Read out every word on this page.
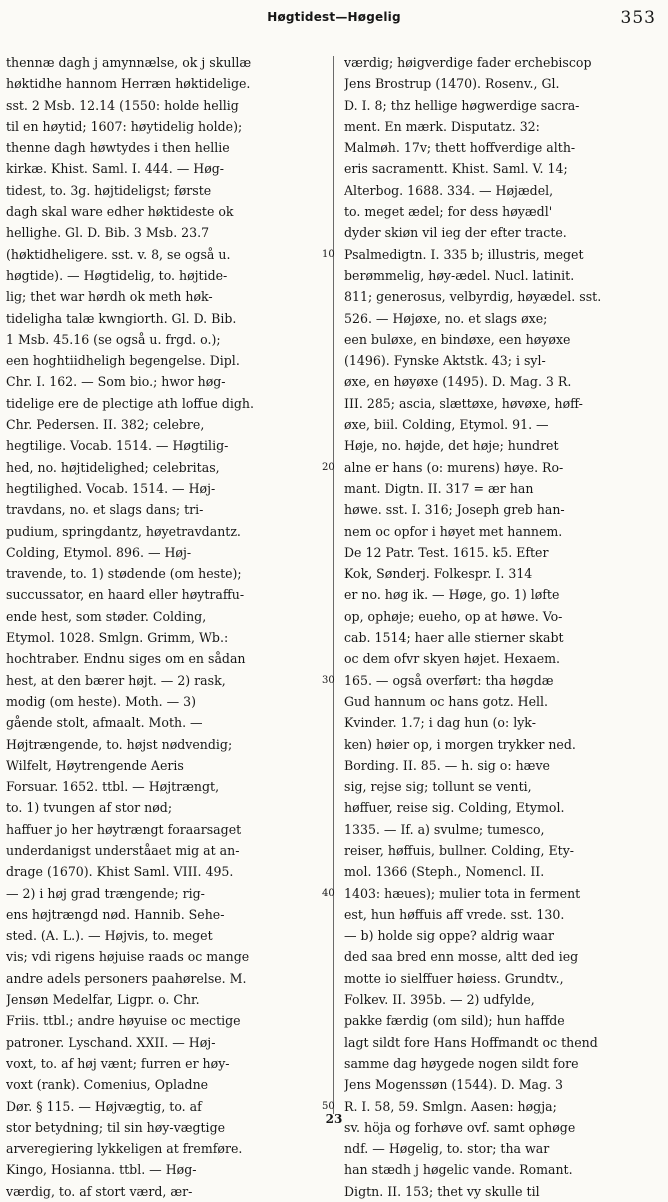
Høgtidest—Høgelig	353
thennæ dagh j amynnælse, ok j skullæ
høktidhe hannom Herræn høktidelige.
sst. 2 Msb. 12.14 (1550: holde hellig
til en høytid; 1607: høytidelig holde);
thenne dagh høwtydes i then hellie
kirkæ. Khist. Saml. I. 444. — Høg-
tidest, to. 3g. højtideligst; første
dagh skal ware edher høktideste ok
hellighe. Gl. D. Bib. 3 Msb. 23.7
(høktidheligere. sst. v. 8, se også u.
høgtide). — Høgtidelig, to. højtide-
lig; thet war hørdh ok meth høk-
tideligha talæ kwngiorth. Gl. D. Bib.
1 Msb. 45.16 (se også u. frgd. o.);
een hoghtiidheligh begengelse. Dipl.
Chr. I. 162. — Som bio.; hwor høg-
tidelige ere de plectige ath loffue digh.
Chr. Pedersen. II. 382; celebre,
hegtilige. Vocab. 1514. — Høgtilig-
hed, no. højtidelighed; celebritas,
hegtilighed. Vocab. 1514. — Høj-
travdans, no. et slags dans; tri-
pudium, springdantz, høyetravdantz.
Colding, Etymol. 896. — Høj-
travende, to. 1) stødende (om heste);
succussator, en haard eller høytraffu-
ende hest, som støder. Colding,
Etymol. 1028. Smlgn. Grimm, Wb.:
hochtraber. Endnu siges om en sådan
hest, at den bærer højt. — 2) rask,
modig (om heste). Moth. — 3)
gående stolt, afmaalt. Moth. —
Højtrængende, to. højst nødvendig;
Wilfelt, Høytrengende Aeris
Forsuar. 1652. ttbl. — Højtrængt,
to. 1) tvungen af stor nød;
haffuer jo her høytrængt foraarsaget
underdanigst underståaet mig at an-
drage (1670). Khist Saml. VIII. 495.
— 2) i høj grad trængende; rig-
ens højtrængd nød. Hannib. Sehe-
sted. (A. L.). — Højvis, to. meget
vis; vdi rigens højuise raads oc mange
andre adels personers paahørelse. M.
Jensøn Medelfar, Ligpr. o. Chr.
Friis. ttbl.; andre høyuise oc mectige
patroner. Lyschand. XXII. — Høj-
voxt, to. af høj vænt; furren er høy-
voxt (rank). Comenius, Opladne
Dør. § 115. — Højvægtig, to. af
stor betydning; til sin høy-vægtige
arveregiering lykkeligen at fremføre.
Kingo, Hosianna. ttbl. — Høg-
værdig, to. af stort værd, ær-
værdig; høigverdige fader erchebiscop
Jens Brostrup (1470). Rosenv., Gl.
D. I. 8; thz hellige høgwerdige sacra-
ment. En mærk. Disputatz. 32:
Malmøh. 17v; thett hoffverdige alth-
eris sacramentt. Khist. Saml. V. 14;
Alterbog. 1688. 334. — Højædel,
to. meget ædel; for dess høyædl'
dyder skiøn vil ieg der efter tracte.
Psalmedigtn. I. 335 b; illustris, meget
berømmelig, høy-ædel. Nucl. latinit.
811; generosus, velbyrdig, høyædel. sst.
526. — Højøxe, no. et slags øxe;
een buløxe, en bindøxe, een høyøxe
(1496). Fynske Aktstk. 43; i syl-
øxe, en høyøxe (1495). D. Mag. 3 R.
III. 285; ascia, slættøxe, høvøxe, høff-
øxe, biil. Colding, Etymol. 91. —
Høje, no. højde, det høje; hundret
alne er hans (o: murens) høye. Ro-
mant. Digtn. II. 317 = ær han
høwe. sst. I. 316; Joseph greb han-
nem oc opfor i høyet met hannem.
De 12 Patr. Test. 1615. k5. Efter
Kok, Sønderj. Folkespr. I. 314
er no. høg ik. — Høge, go. 1) løfte
op, ophøje; eueho, op at høwe. Vo-
cab. 1514; haer alle stierner skabt
oc dem ofvr skyen højet. Hexaem.
165. — også overført: tha høgdæ
Gud hannum oc hans gotz. Hell.
Kvinder. 1.7; i dag hun (o: lyk-
ken) høier op, i morgen trykker ned.
Bording. II. 85. — h. sig o: hæve
sig, rejse sig; tollunt se venti,
høffuer, reise sig. Colding, Etymol.
1335. — If. a) svulme; tumesco,
reiser, høffuis, bullner. Colding, Ety-
mol. 1366 (Steph., Nomencl. II.
1403: hæues); mulier tota in ferment
est, hun høffuis aff vrede. sst. 130.
— b) holde sig oppe? aldrig waar
ded saa bred enn mosse, altt ded ieg
motte io sielffuer høiess. Grundtv.,
Folkev. II. 395b. — 2) udfylde,
pakke færdig (om sild); hun haffde
lagt sildt fore Hans Hoffmandt oc thend
samme dag høygede nogen sildt fore
Jens Mogenssøn (1544). D. Mag. 3
R. I. 58, 59. Smlgn. Aasen: høgja;
sv. höja og forhøve ovf. samt ophøge
ndf. — Høgelig, to. stor; tha war
han stædh j høgelic vande. Romant.
Digtn. II. 153; thet vy skulle til
10
20
30
40
50
23
